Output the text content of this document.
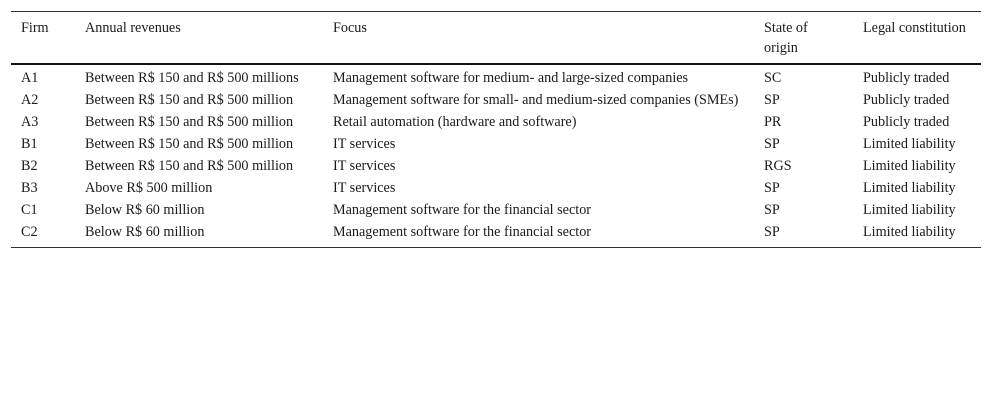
Firm	Annual revenues	Focus	State of origin	Legal constitution
A1	Between R$ 150 and R$ 500 millions	Management software for medium- and large-sized companies	SC	Publicly traded
A2	Between R$ 150 and R$ 500 million	Management software for small- and medium-sized companies (SMEs)	SP	Publicly traded
A3	Between R$ 150 and R$ 500 million	Retail automation (hardware and software)	PR	Publicly traded
B1	Between R$ 150 and R$ 500 million	IT services	SP	Limited liability
B2	Between R$ 150 and R$ 500 million	IT services	RGS	Limited liability
B3	Above R$ 500 million	IT services	SP	Limited liability
C1	Below R$ 60 million	Management software for the financial sector	SP	Limited liability
C2	Below R$ 60 million	Management software for the financial sector	SP	Limited liability
